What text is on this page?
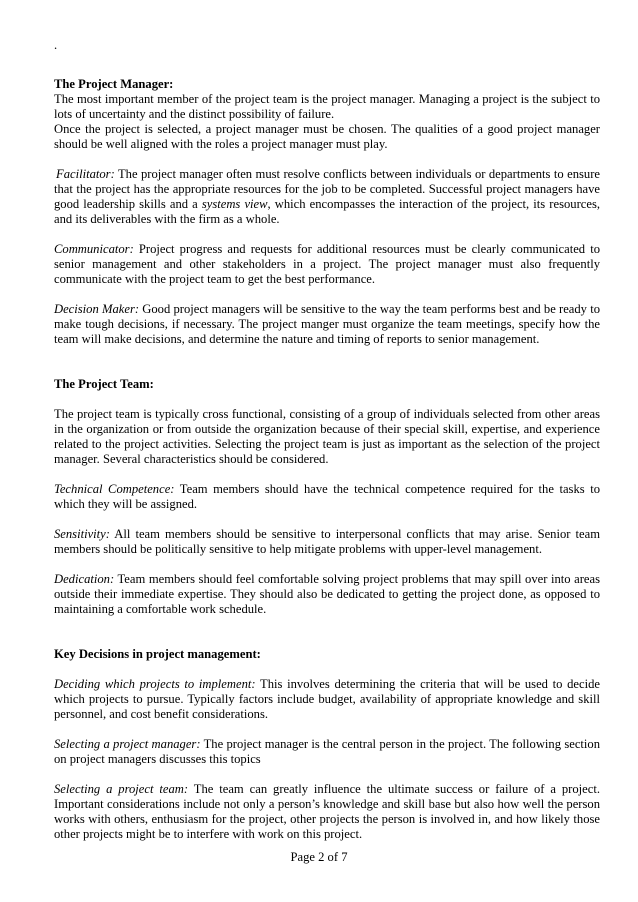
.
The Project Manager:

The most important member of the project team is the project manager. Managing a project is the subject to lots of uncertainty and the distinct possibility of failure.

Once the project is selected, a project manager must be chosen. The qualities of a good project manager should be well aligned with the roles a project manager must play.

Facilitator: The project manager often must resolve conflicts between individuals or departments to ensure that the project has the appropriate resources for the job to be completed. Successful project managers have good leadership skills and a systems view, which encompasses the interaction of the project, its resources, and its deliverables with the firm as a whole.

Communicator: Project progress and requests for additional resources must be clearly communicated to senior management and other stakeholders in a project. The project manager must also frequently communicate with the project team to get the best performance.

Decision Maker: Good project managers will be sensitive to the way the team performs best and be ready to make tough decisions, if necessary. The project manger must organize the team meetings, specify how the team will make decisions, and determine the nature and timing of reports to senior management.

The Project Team:

The project team is typically cross functional, consisting of a group of individuals selected from other areas in the organization or from outside the organization because of their special skill, expertise, and experience related to the project activities. Selecting the project team is just as important as the selection of the project manager. Several characteristics should be considered.

Technical Competence: Team members should have the technical competence required for the tasks to which they will be assigned.

Sensitivity: All team members should be sensitive to interpersonal conflicts that may arise. Senior team members should be politically sensitive to help mitigate problems with upper-level management.

Dedication: Team members should feel comfortable solving project problems that may spill over into areas outside their immediate expertise. They should also be dedicated to getting the project done, as opposed to maintaining a comfortable work schedule.

Key Decisions in project management:

Deciding which projects to implement: This involves determining the criteria that will be used to decide which projects to pursue. Typically factors include budget, availability of appropriate knowledge and skill personnel, and cost benefit considerations.

Selecting a project manager: The project manager is the central person in the project. The following section on project managers discusses this topics

Selecting a project team: The team can greatly influence the ultimate success or failure of a project. Important considerations include not only a person’s knowledge and skill base but also how well the person works with others, enthusiasm for the project, other projects the person is involved in, and how likely those other projects might be to interfere with work on this project.

Page 2 of 7
